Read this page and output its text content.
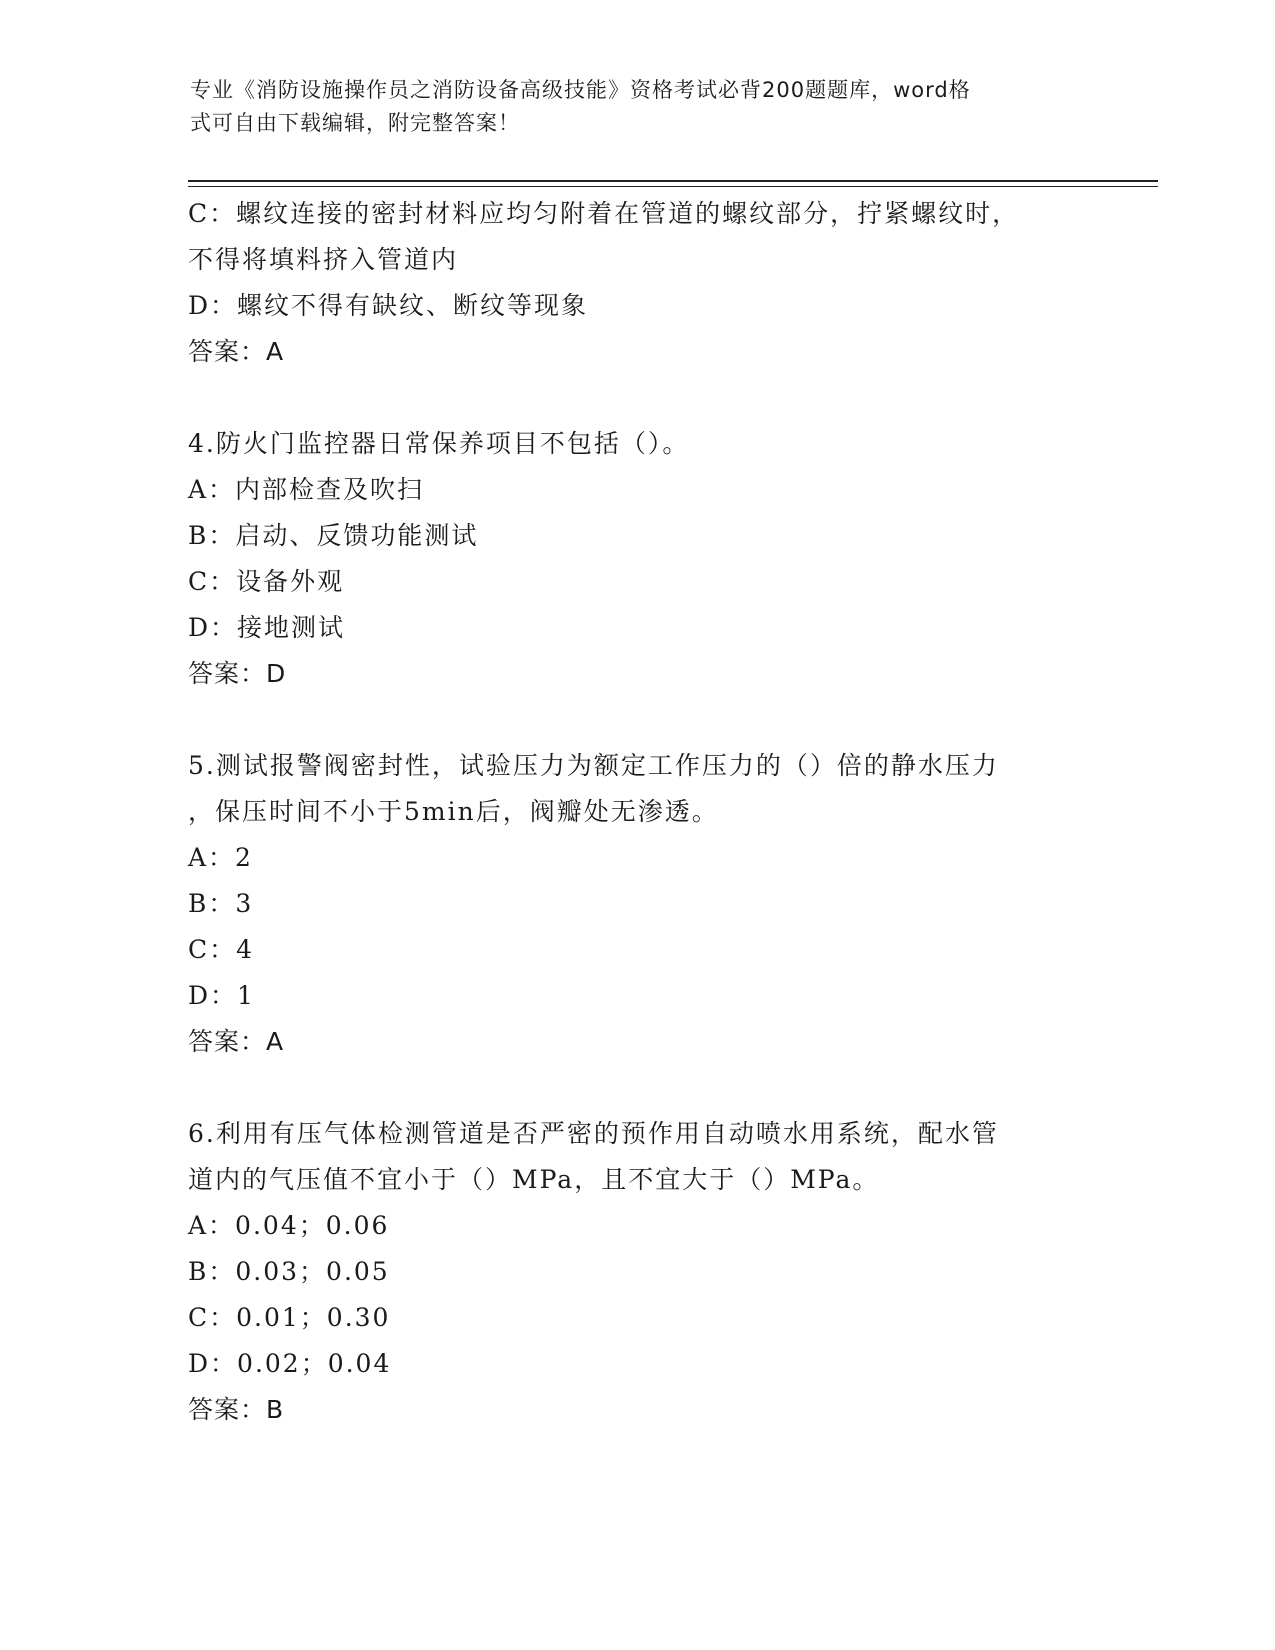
专业《消防设施操作员之消防设备高级技能》资格考试必背200题题库，word格
式可自由下载编辑，附完整答案！
C：螺纹连接的密封材料应均匀附着在管道的螺纹部分，拧紧螺纹时，
不得将填料挤入管道内
D：螺纹不得有缺纹、断纹等现象
答案：A
4.防火门监控器日常保养项目不包括（）。
A：内部检查及吹扫
B：启动、反馈功能测试
C：设备外观
D：接地测试
答案：D
5.测试报警阀密封性，试验压力为额定工作压力的（）倍的静水压力
，保压时间不小于5min后，阀瓣处无渗透。
A：2
B：3
C：4
D：1
答案：A
6.利用有压气体检测管道是否严密的预作用自动喷水用系统，配水管
道内的气压值不宜小于（）MPa，且不宜大于（）MPa。
A：0.04；0.06
B：0.03；0.05
C：0.01；0.30
D：0.02；0.04
答案：B
